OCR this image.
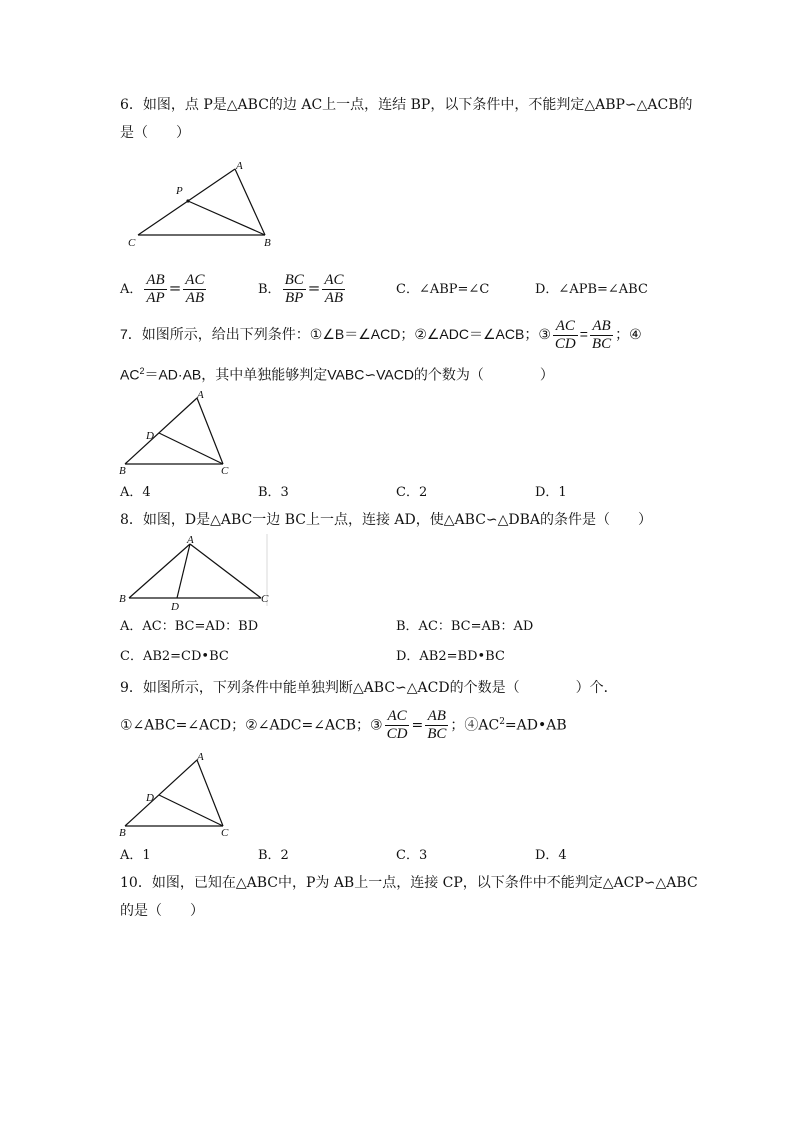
6．如图，点 P是△ABC的边 AC上一点，连结 BP，以下条件中，不能判定△ABP∽△ACB的
是（　　）
A
P
C	B
A． $\frac{AB}{AP} = \frac{AC}{AB}$	B． $\frac{BC}{BP} = \frac{AC}{AB}$	C．∠ABP=∠C	D．∠APB=∠ABC
7．如图所示，给出下列条件：①∠B＝∠ACD；②∠ADC＝∠ACB；③ $\frac{AC}{CD} = \frac{AB}{BC}$ ；④
$AC^2=AD\cdot AB$，其中单独能够判定VABC∽VACD的个数为（　　　　）
A
D
B	C
A．4	B．3	C．2	D．1
8．如图，D是△ABC一边 BC上一点，连接 AD，使△ABC∽△DBA的条件是（　　）
A
B
D
C
A．AC：BC=AD：BD	B．AC：BC=AB：AD
C．AB2=CD•BC	D．AB2=BD•BC
9．如图所示，下列条件中能单独判断△ABC∽△ACD的个数是（　　　　）个．
①∠ABC=∠ACD；②∠ADC=∠ACB；③ $\frac{AC}{CD} = \frac{AB}{BC}$ ；$④AC^2=AD•AB$
A
D
B	C
A．1	B．2	C．3	D．4
10．如图，已知在△ABC中，P为 AB上一点，连接 CP，以下条件中不能判定△ACP∽△ABC
的是（　　）
